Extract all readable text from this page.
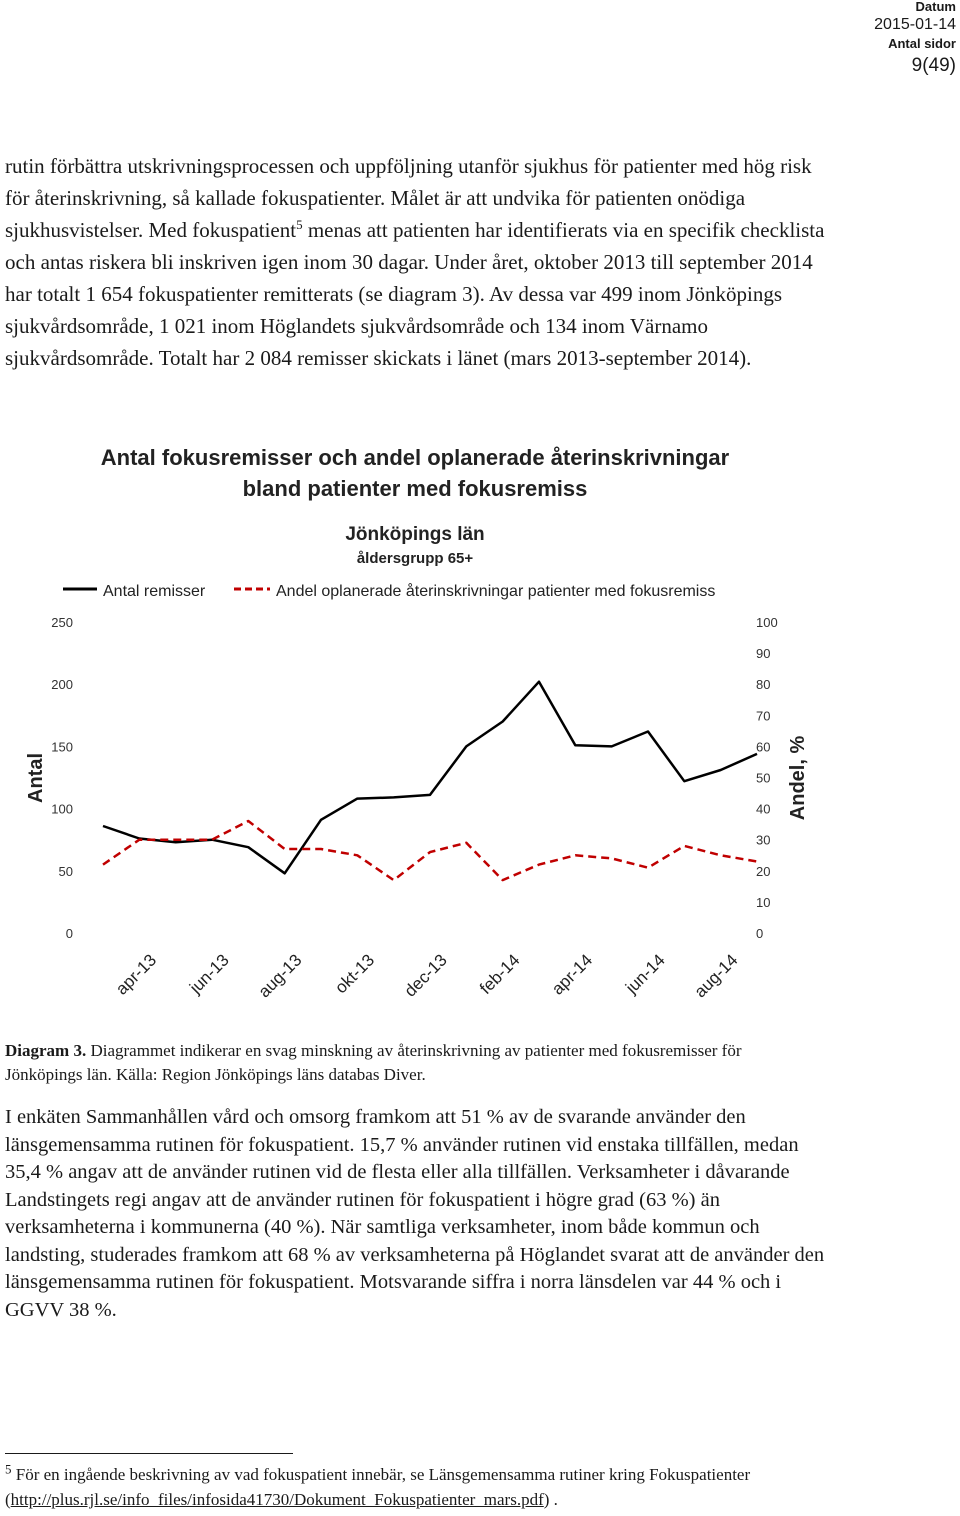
Datum
2015-01-14
Antal sidor
9(49)

rutin förbättra utskrivningsprocessen och uppföljning utanför sjukhus för patienter med hög risk för återinskrivning, så kallade fokuspatienter. Målet är att undvika för patienten onödiga sjukhusvistelser. Med fokuspatient$^5$ menas att patienten har identifierats via en specifik checklista och antas riskera bli inskriven igen inom 30 dagar. Under året, oktober 2013 till september 2014 har totalt 1 654 fokuspatienter remitterats (se diagram 3). Av dessa var 499 inom Jönköpings sjukvårdsområde, 1 021 inom Höglandets sjukvårdsområde och 134 inom Värnamo sjukvårdsområde. Totalt har 2 084 remisser skickats i länet (mars 2013-september 2014).

Antal fokusremisser och andel oplanerade återinskrivningar
bland patienter med fokusremiss
Jönköpings län
åldersgrupp 65+
Antal remisser	Andel oplanerade återinskrivningar patienter med fokusremiss
Antal	Andel, %
0
50
100
150
200
250
0
10
20
30
40
50
60
70
80
90
100
apr-13 jun-13 aug-13 okt-13 dec-13 feb-14 apr-14 jun-14 aug-14

Diagram 3. Diagrammet indikerar en svag minskning av återinskrivning av patienter med fokusremisser för Jönköpings län. Källa: Region Jönköpings läns databas Diver.

I enkäten Sammanhållen vård och omsorg framkom att 51 % av de svarande använder den länsgemensamma rutinen för fokuspatient. 15,7 % använder rutinen vid enstaka tillfällen, medan 35,4 % angav att de använder rutinen vid de flesta eller alla tillfällen. Verksamheter i dåvarande Landstingets regi angav att de använder rutinen för fokuspatient i högre grad (63 %) än verksamheterna i kommunerna (40 %). När samtliga verksamheter, inom både kommun och landsting, studerades framkom att 68 % av verksamheterna på Höglandet svarat att de använder den länsgemensamma rutinen för fokuspatient. Motsvarande siffra i norra länsdelen var 44 % och i GGVV 38 %.

$^5$ För en ingående beskrivning av vad fokuspatient innebär, se Länsgemensamma rutiner kring Fokuspatienter (http://plus.rjl.se/info_files/infosida41730/Dokument_Fokuspatienter_mars.pdf) .
